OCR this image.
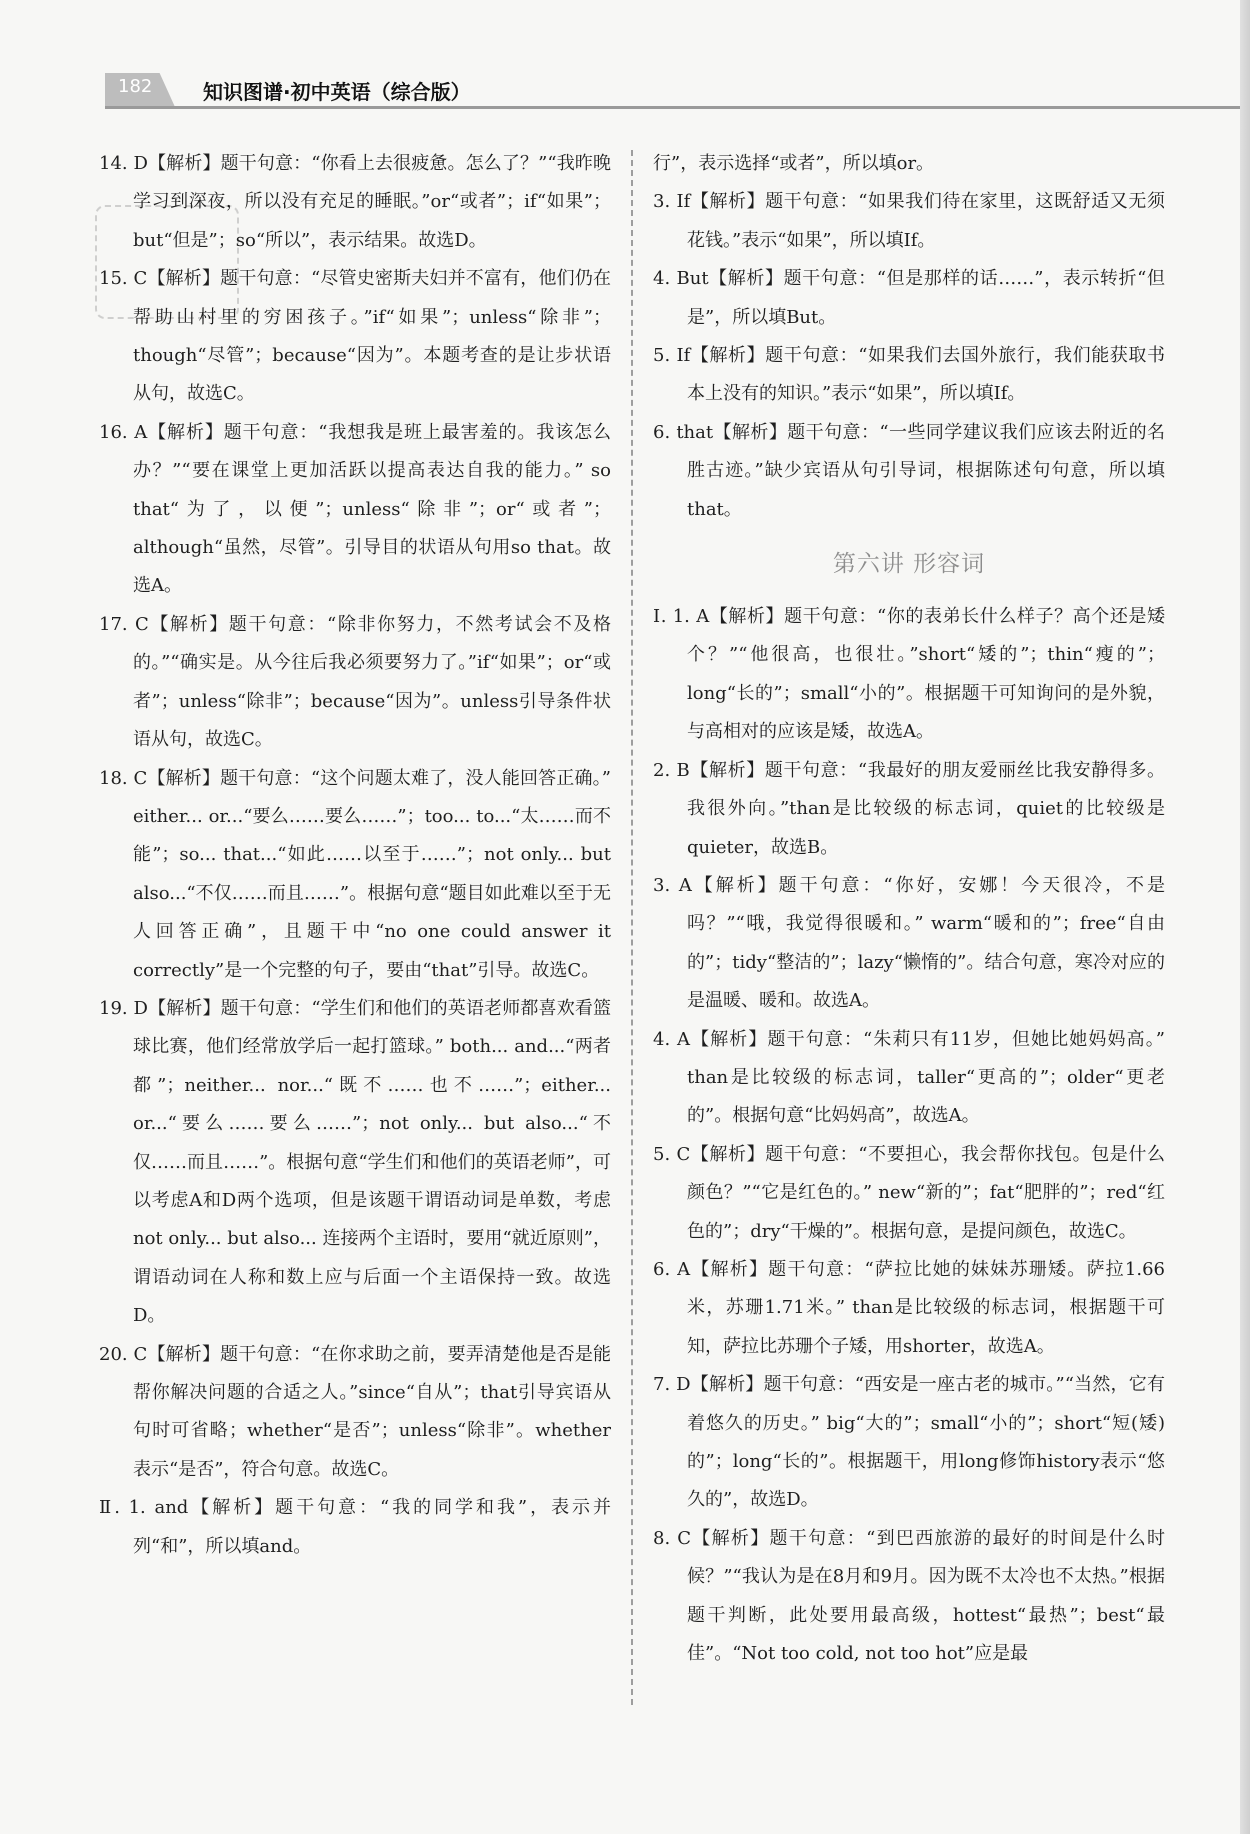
182	知识图谱·初中英语（综合版）

14. D【解析】题干句意：“你看上去很疲惫。怎么了？”“我昨晚学习到深夜，所以没有充足的睡眠。”or“或者”；if“如果”；but“但是”；so“所以”，表示结果。故选D。

15. C【解析】题干句意：“尽管史密斯夫妇并不富有，他们仍在帮助山村里的穷困孩子。”if“如果”；unless“除非”；though“尽管”；because“因为”。本题考查的是让步状语从句，故选C。

16. A【解析】题干句意：“我想我是班上最害羞的。我该怎么办？”“要在课堂上更加活跃以提高表达自我的能力。” so that“为了，以便”；unless“除非”；or“或者”；although“虽然，尽管”。引导目的状语从句用so that。故选A。

17. C【解析】题干句意：“除非你努力，不然考试会不及格的。”“确实是。从今往后我必须要努力了。”if“如果”；or“或者”；unless“除非”；because“因为”。unless引导条件状语从句，故选C。

18. C【解析】题干句意：“这个问题太难了，没人能回答正确。” either... or...“要么……要么……”；too... to...“太……而不能”；so... that...“如此……以至于……”；not only... but also...“不仅……而且……”。根据句意“题目如此难以至于无人回答正确”，且题干中“no one could answer it correctly”是一个完整的句子，要由“that”引导。故选C。

19. D【解析】题干句意：“学生们和他们的英语老师都喜欢看篮球比赛，他们经常放学后一起打篮球。” both... and...“两者都”；neither... nor...“既不……也不……”；either... or...“要么……要么……”；not only... but also...“不仅……而且……”。根据句意“学生们和他们的英语老师”，可以考虑A和D两个选项，但是该题干谓语动词是单数，考虑not only... but also... 连接两个主语时，要用“就近原则”，谓语动词在人称和数上应与后面一个主语保持一致。故选D。

20. C【解析】题干句意：“在你求助之前，要弄清楚他是否是能帮你解决问题的合适之人。”since“自从”；that引导宾语从句时可省略；whether“是否”；unless“除非”。whether表示“是否”，符合句意。故选C。

Ⅱ. 1. and【解析】题干句意：“我的同学和我”，表示并列“和”，所以填and。

行”，表示选择“或者”，所以填or。

3. If【解析】题干句意：“如果我们待在家里，这既舒适又无须花钱。”表示“如果”，所以填If。

4. But【解析】题干句意：“但是那样的话……”，表示转折“但是”，所以填But。

5. If【解析】题干句意：“如果我们去国外旅行，我们能获取书本上没有的知识。”表示“如果”，所以填If。

6. that【解析】题干句意：“一些同学建议我们应该去附近的名胜古迹。”缺少宾语从句引导词，根据陈述句句意，所以填that。

第六讲 形容词

Ⅰ. 1. A【解析】题干句意：“你的表弟长什么样子？高个还是矮个？”“他很高，也很壮。”short“矮的”；thin“瘦的”；long“长的”；small“小的”。根据题干可知询问的是外貌，与高相对的应该是矮，故选A。

2. B【解析】题干句意：“我最好的朋友爱丽丝比我安静得多。我很外向。”than是比较级的标志词，quiet的比较级是quieter，故选B。

3. A【解析】题干句意：“你好，安娜！今天很冷，不是吗？”“哦，我觉得很暖和。” warm“暖和的”；free“自由的”；tidy“整洁的”；lazy“懒惰的”。结合句意，寒冷对应的是温暖、暖和。故选A。

4. A【解析】题干句意：“朱莉只有11岁，但她比她妈妈高。” than是比较级的标志词，taller“更高的”；older“更老的”。根据句意“比妈妈高”，故选A。

5. C【解析】题干句意：“不要担心，我会帮你找包。包是什么颜色？”“它是红色的。” new“新的”；fat“肥胖的”；red“红色的”；dry“干燥的”。根据句意，是提问颜色，故选C。

6. A【解析】题干句意：“萨拉比她的妹妹苏珊矮。萨拉1.66米，苏珊1.71米。” than是比较级的标志词，根据题干可知，萨拉比苏珊个子矮，用shorter，故选A。

7. D【解析】题干句意：“西安是一座古老的城市。”“当然，它有着悠久的历史。” big“大的”；small“小的”；short“短(矮)的”；long“长的”。根据题干，用long修饰history表示“悠久的”，故选D。

8. C【解析】题干句意：“到巴西旅游的最好的时间是什么时候？”“我认为是在8月和9月。因为既不太冷也不太热。”根据题干判断，此处要用最高级，hottest“最热”；best“最佳”。“Not too cold, not too hot”应是最
